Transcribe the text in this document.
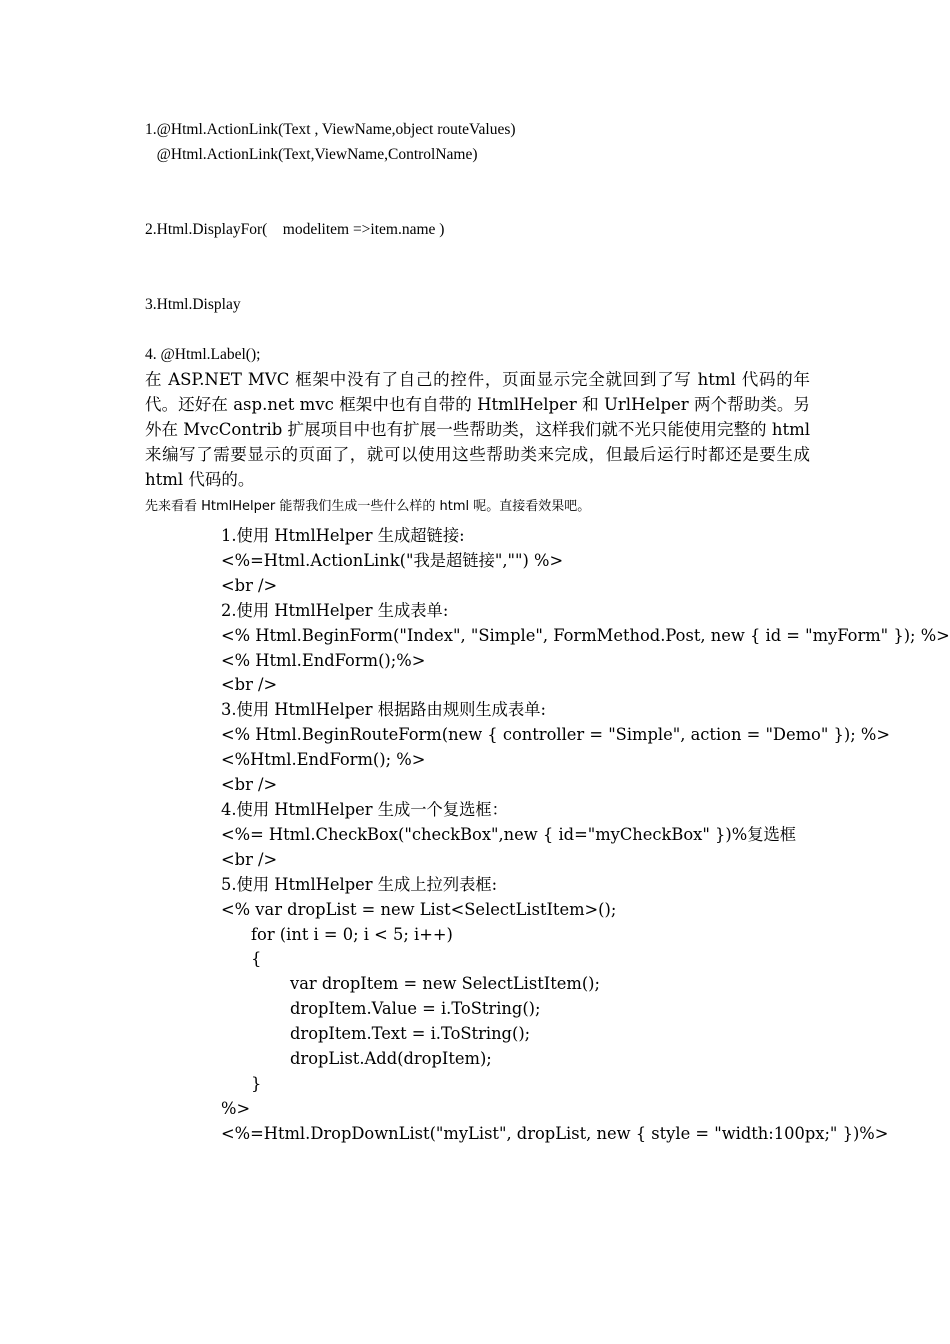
1.@Html.ActionLink(Text , ViewName,object routeValues)
@Html.ActionLink(Text,ViewName,ControlName)
2.Html.DisplayFor(    modelitem =>item.name )
3.Html.Display
4. @Html.Label();

在 ASP.NET MVC 框架中没有了自己的控件，页面显示完全就回到了写 html 代码的年代。还好在 asp.net mvc 框架中也有自带的 HtmlHelper 和 UrlHelper 两个帮助类。另外在 MvcContrib 扩展项目中也有扩展一些帮助类，这样我们就不光只能使用完整的 html 来编写了需要显示的页面了，就可以使用这些帮助类来完成，但最后运行时都还是要生成 html 代码的。

先来看看 HtmlHelper 能帮我们生成一些什么样的 html 呢。直接看效果吧。
1.使用 HtmlHelper 生成超链接:
<%=Html.ActionLink("我是超链接","") %>
<br />
2.使用 HtmlHelper 生成表单:
<% Html.BeginForm("Index", "Simple", FormMethod.Post, new { id = "myForm" }); %>
<% Html.EndForm();%>
<br />
3.使用 HtmlHelper 根据路由规则生成表单:
<% Html.BeginRouteForm(new { controller = "Simple", action = "Demo" }); %>
<%Html.EndForm(); %>
<br />
4.使用 HtmlHelper 生成一个复选框：
<%= Html.CheckBox("checkBox",new { id="myCheckBox" })%复选框
<br />
5.使用 HtmlHelper 生成上拉列表框:
<% var dropList = new List<SelectListItem>();
for (int i = 0; i < 5; i++)
{
var dropItem = new SelectListItem();
dropItem.Value = i.ToString();
dropItem.Text = i.ToString();
dropList.Add(dropItem);
}
%>
<%=Html.DropDownList("myList", dropList, new { style = "width:100px;" })%>
